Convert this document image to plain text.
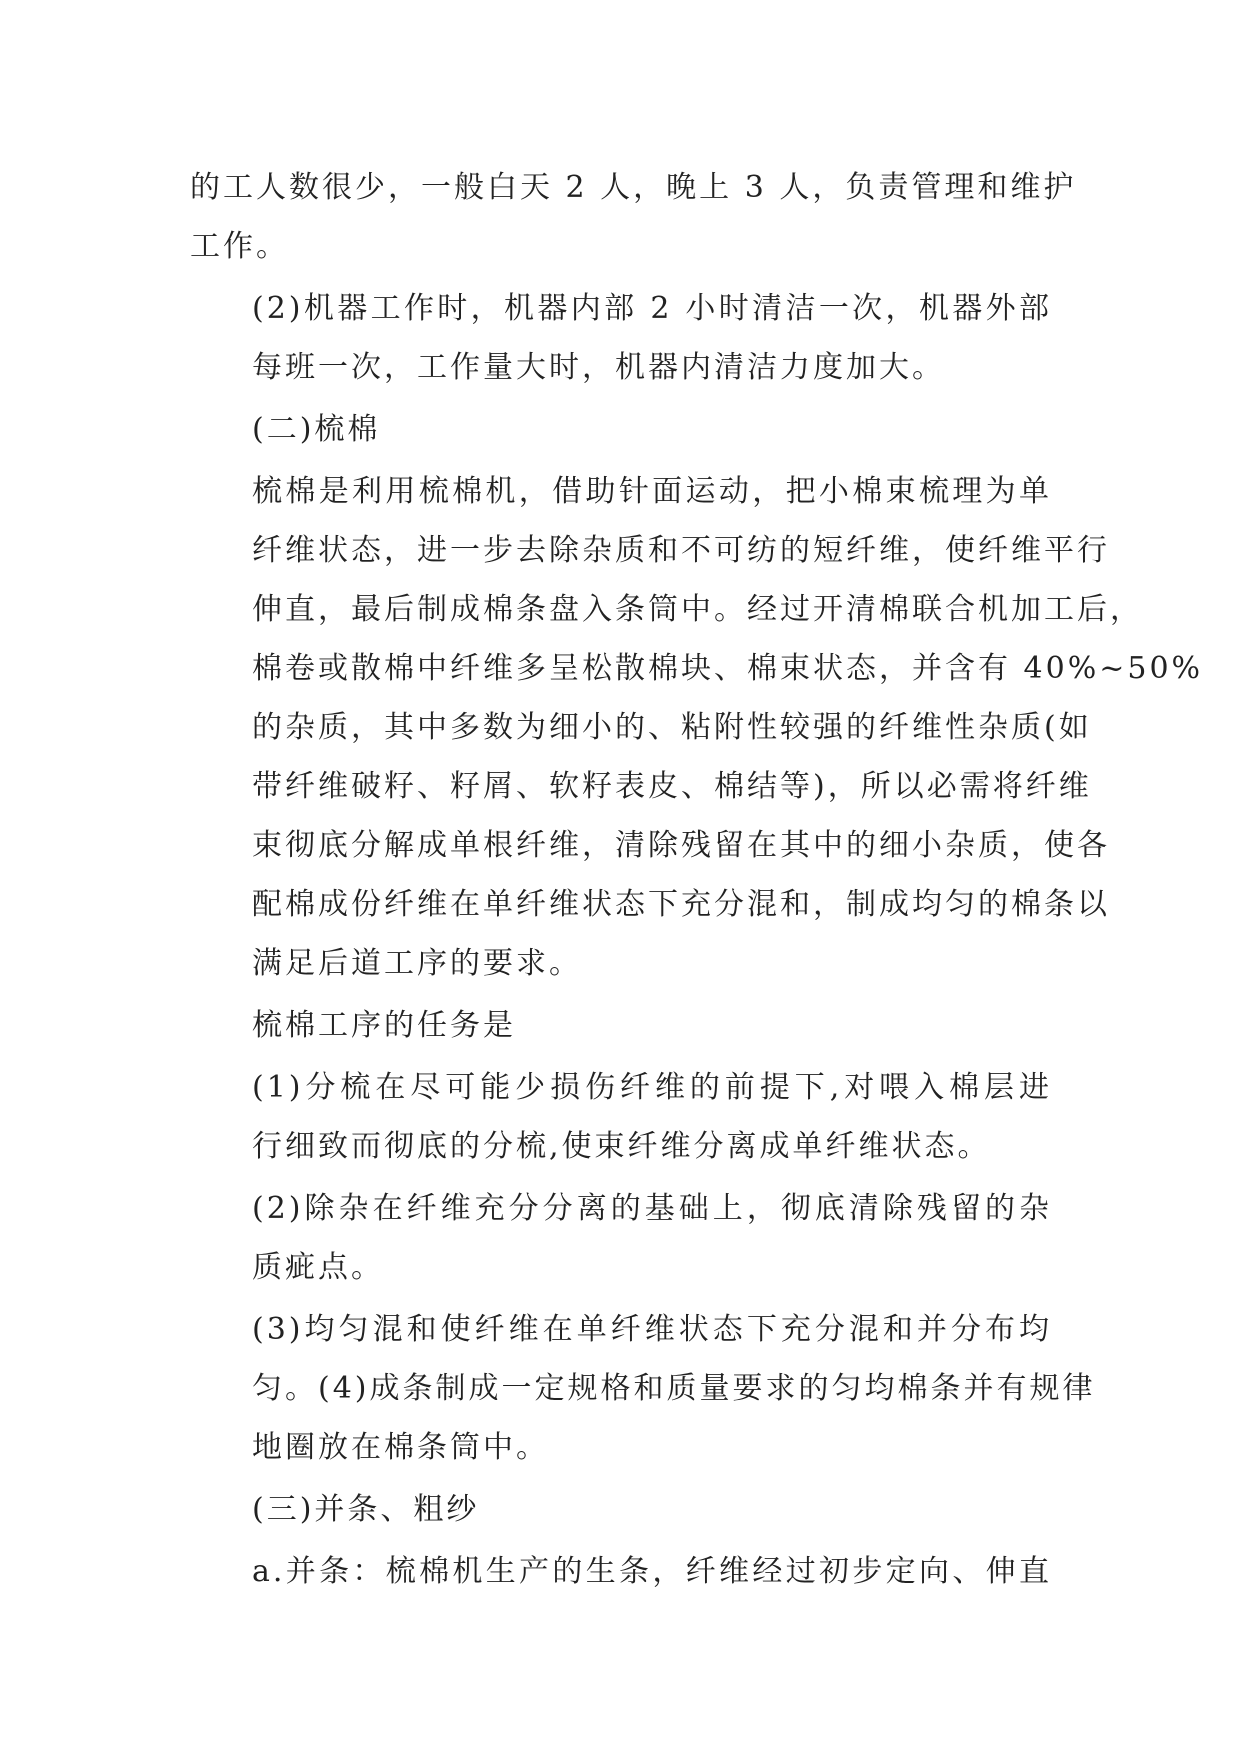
的工人数很少，一般白天 2 人，晚上 3 人，负责管理和维护
工作。
(2)机器工作时，机器内部 2 小时清洁一次，机器外部
每班一次，工作量大时，机器内清洁力度加大。
(二)梳棉
梳棉是利用梳棉机，借助针面运动，把小棉束梳理为单
纤维状态，进一步去除杂质和不可纺的短纤维，使纤维平行
伸直，最后制成棉条盘入条筒中。经过开清棉联合机加工后，
棉卷或散棉中纤维多呈松散棉块、棉束状态，并含有 40%~50%
的杂质，其中多数为细小的、粘附性较强的纤维性杂质(如
带纤维破籽、籽屑、软籽表皮、棉结等)，所以必需将纤维
束彻底分解成单根纤维，清除残留在其中的细小杂质，使各
配棉成份纤维在单纤维状态下充分混和，制成均匀的棉条以
满足后道工序的要求。
梳棉工序的任务是
(1)分梳在尽可能少损伤纤维的前提下,对喂入棉层进
行细致而彻底的分梳,使束纤维分离成单纤维状态。
(2)除杂在纤维充分分离的基础上，彻底清除残留的杂
质疵点。
(3)均匀混和使纤维在单纤维状态下充分混和并分布均
匀。(4)成条制成一定规格和质量要求的匀均棉条并有规律
地圈放在棉条筒中。
(三)并条、粗纱
a.并条：梳棉机生产的生条，纤维经过初步定向、伸直
